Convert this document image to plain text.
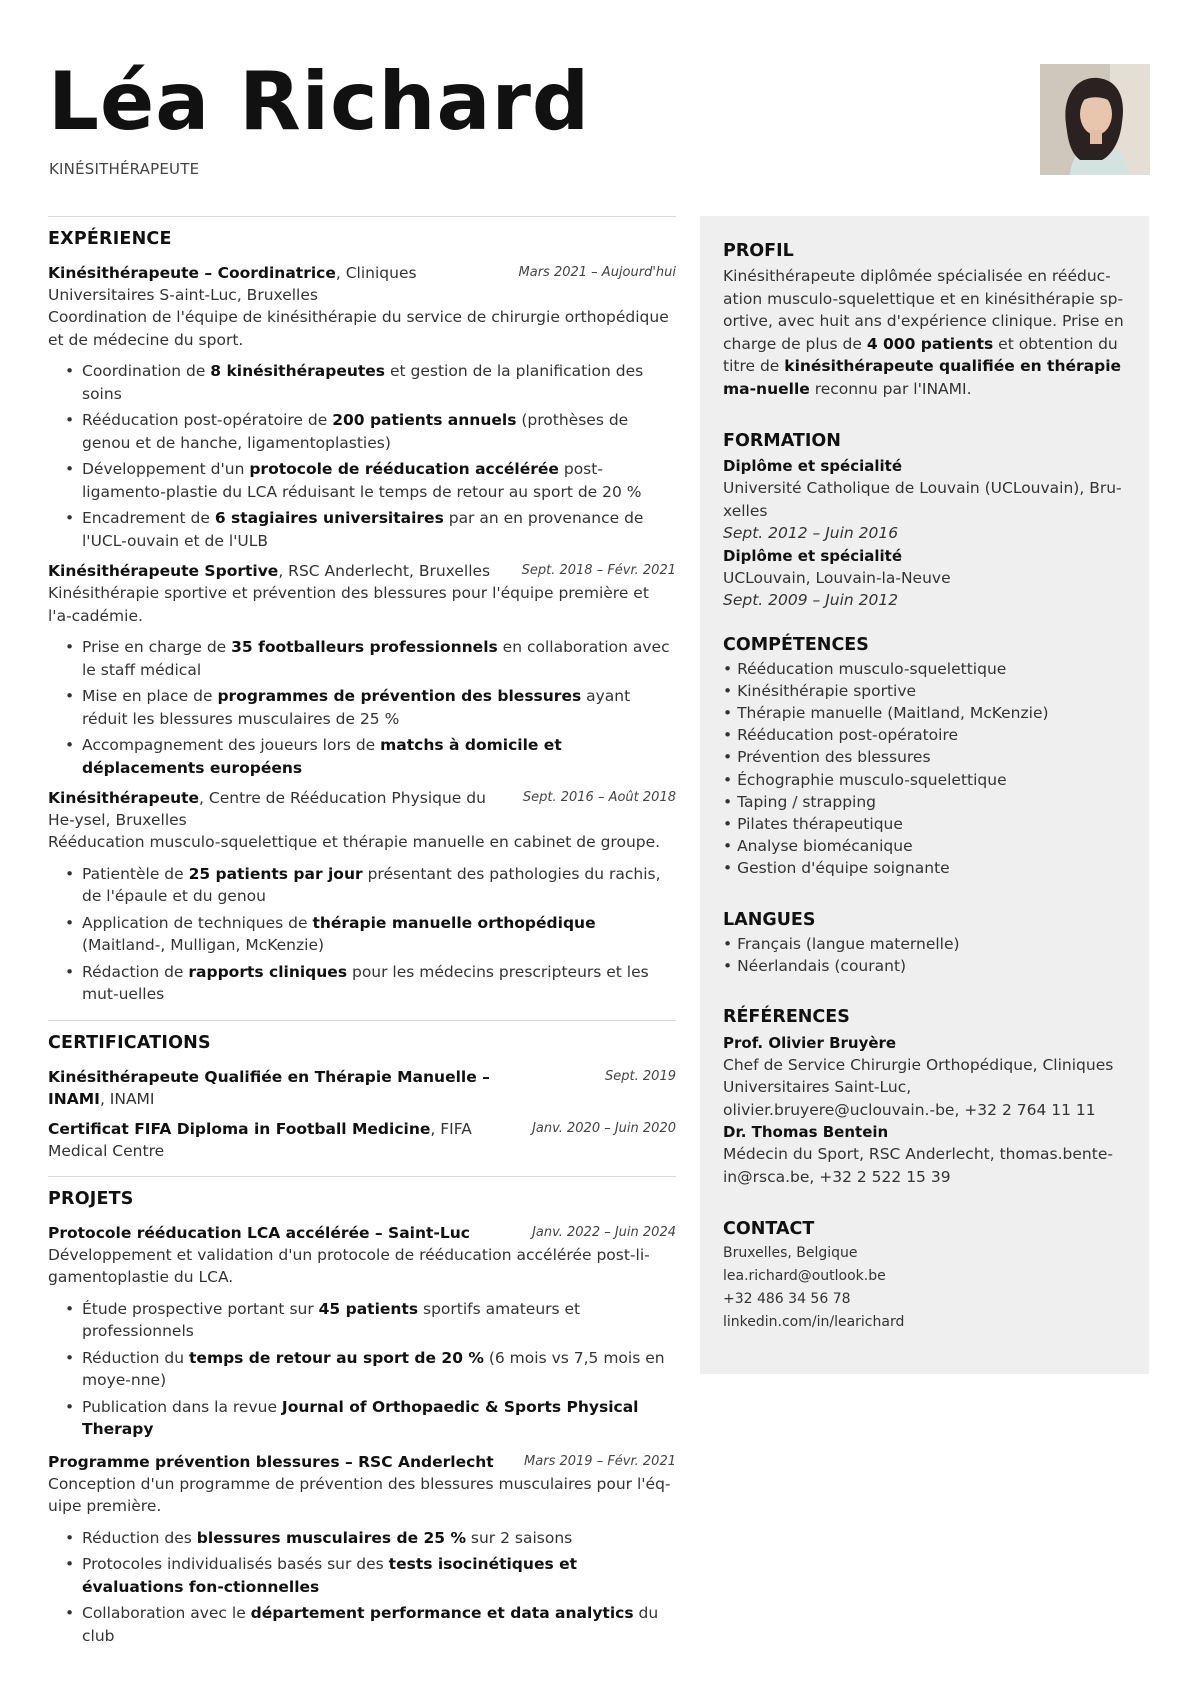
Léa Richard
KINÉSITHÉRAPEUTE
EXPÉRIENCE
Kinésithérapeute – Coordinatrice, Cliniques Universitaires S-aint-Luc, Bruxelles
Mars 2021 – Aujourd'hui
Coordination de l'équipe de kinésithérapie du service de chirurgie orthopédique et de médecine du sport.
• Coordination de 8 kinésithérapeutes et gestion de la planification des soins
• Rééducation post-opératoire de 200 patients annuels (prothèses de genou et de hanche, ligamentoplasties)
• Développement d'un protocole de rééducation accélérée post-ligamento-plastie du LCA réduisant le temps de retour au sport de 20 %
• Encadrement de 6 stagiaires universitaires par an en provenance de l'UCL-ouvain et de l'ULB
Kinésithérapeute Sportive, RSC Anderlecht, Bruxelles Sept. 2018 – Févr. 2021
Kinésithérapie sportive et prévention des blessures pour l'équipe première et l'a-cadémie.
• Prise en charge de 35 footballeurs professionnels en collaboration avec le staff médical
• Mise en place de programmes de prévention des blessures ayant réduit les blessures musculaires de 25 %
• Accompagnement des joueurs lors de matchs à domicile et déplacements européens
Kinésithérapeute, Centre de Rééducation Physique du He-ysel, Bruxelles
Sept. 2016 – Août 2018
Rééducation musculo-squelettique et thérapie manuelle en cabinet de groupe.
• Patientèle de 25 patients par jour présentant des pathologies du rachis, de l'épaule et du genou
• Application de techniques de thérapie manuelle orthopédique (Maitland-, Mulligan, McKenzie)
• Rédaction de rapports cliniques pour les médecins prescripteurs et les mut-uelles
CERTIFICATIONS
Kinésithérapeute Qualifiée en Thérapie Manuelle – INAMI, INAMI
Sept. 2019
Certificat FIFA Diploma in Football Medicine, FIFA Medical Centre
Janv. 2020 – Juin 2020
PROJETS
Protocole rééducation LCA accélérée – Saint-Luc	Janv. 2022 – Juin 2024
Développement et validation d'un protocole de rééducation accélérée post-li-gamentoplastie du LCA.
• Étude prospective portant sur 45 patients sportifs amateurs et professionnels
• Réduction du temps de retour au sport de 20 % (6 mois vs 7,5 mois en moye-nne)
• Publication dans la revue Journal of Orthopaedic & Sports Physical Therapy
Programme prévention blessures – RSC Anderlecht Mars 2019 – Févr. 2021
Conception d'un programme de prévention des blessures musculaires pour l'éq-uipe première.
• Réduction des blessures musculaires de 25 % sur 2 saisons
• Protocoles individualisés basés sur des tests isocinétiques et évaluations fon-ctionnelles
• Collaboration avec le département performance et data analytics du club
PROFIL
Kinésithérapeute diplômée spécialisée en rééduc-ation musculo-squelettique et en kinésithérapie sp-ortive, avec huit ans d'expérience clinique. Prise en charge de plus de 4 000 patients et obtention du titre de kinésithérapeute qualifiée en thérapie ma-nuelle reconnu par l'INAMI.
FORMATION
Diplôme et spécialité
Université Catholique de Louvain (UCLouvain), Bru-xelles
Sept. 2012 – Juin 2016
Diplôme et spécialité
UCLouvain, Louvain-la-Neuve
Sept. 2009 – Juin 2012
COMPÉTENCES
• Rééducation musculo-squelettique
• Kinésithérapie sportive
• Thérapie manuelle (Maitland, McKenzie)
• Rééducation post-opératoire
• Prévention des blessures
• Échographie musculo-squelettique
• Taping / strapping
• Pilates thérapeutique
• Analyse biomécanique
• Gestion d'équipe soignante
LANGUES
• Français (langue maternelle)
• Néerlandais (courant)
RÉFÉRENCES
Prof. Olivier Bruyère
Chef de Service Chirurgie Orthopédique, Cliniques Universitaires Saint-Luc, olivier.bruyere@uclouvain.-be, +32 2 764 11 11
Dr. Thomas Bentein
Médecin du Sport, RSC Anderlecht, thomas.bente-in@rsca.be, +32 2 522 15 39
CONTACT
Bruxelles, Belgique
lea.richard@outlook.be
+32 486 34 56 78
linkedin.com/in/learichard
